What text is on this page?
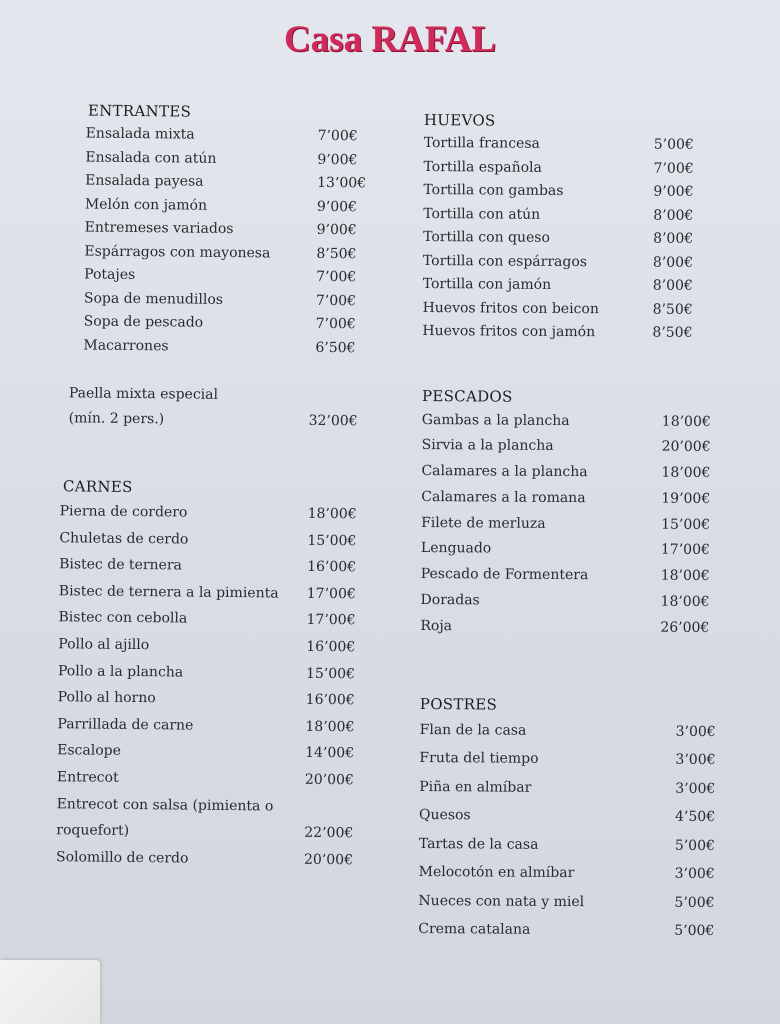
Casa RAFAL
ENTRANTES
Ensalada mixta	7’00€
Ensalada con atún	9’00€
Ensalada payesa	13’00€
Melón con jamón	9’00€
Entremeses variados	9’00€
Espárragos con mayonesa	8’50€
Potajes	7’00€
Sopa de menudillos	7’00€
Sopa de pescado	7’00€
Macarrones	6’50€
Paella mixta especial
(mín. 2 pers.)	32’00€
CARNES
Pierna de cordero	18’00€
Chuletas de cerdo	15’00€
Bistec de ternera	16’00€
Bistec de ternera a la pimienta 17’00€
Bistec con cebolla	17’00€
Pollo al ajillo	16’00€
Pollo a la plancha	15’00€
Pollo al horno	16’00€
Parrillada de carne	18’00€
Escalope	14’00€
Entrecot	20’00€
Entrecot con salsa (pimienta o
roquefort)	22’00€
Solomillo de cerdo	20’00€
HUEVOS
Tortilla francesa	5’00€
Tortilla española	7’00€
Tortilla con gambas	9’00€
Tortilla con atún	8’00€
Tortilla con queso	8’00€
Tortilla con espárragos	8’00€
Tortilla con jamón	8’00€
Huevos fritos con beicon	8’50€
Huevos fritos con jamón	8’50€
PESCADOS
Gambas a la plancha	18’00€
Sirvia a la plancha	20’00€
Calamares a la plancha	18’00€
Calamares a la romana	19’00€
Filete de merluza	15’00€
Lenguado	17’00€
Pescado de Formentera	18’00€
Doradas	18’00€
Roja	26’00€
POSTRES
Flan de la casa	3’00€
Fruta del tiempo	3’00€
Piña en almíbar	3’00€
Quesos	4’50€
Tartas de la casa	5’00€
Melocotón en almíbar	3’00€
Nueces con nata y miel	5’00€
Crema catalana	5’00€
